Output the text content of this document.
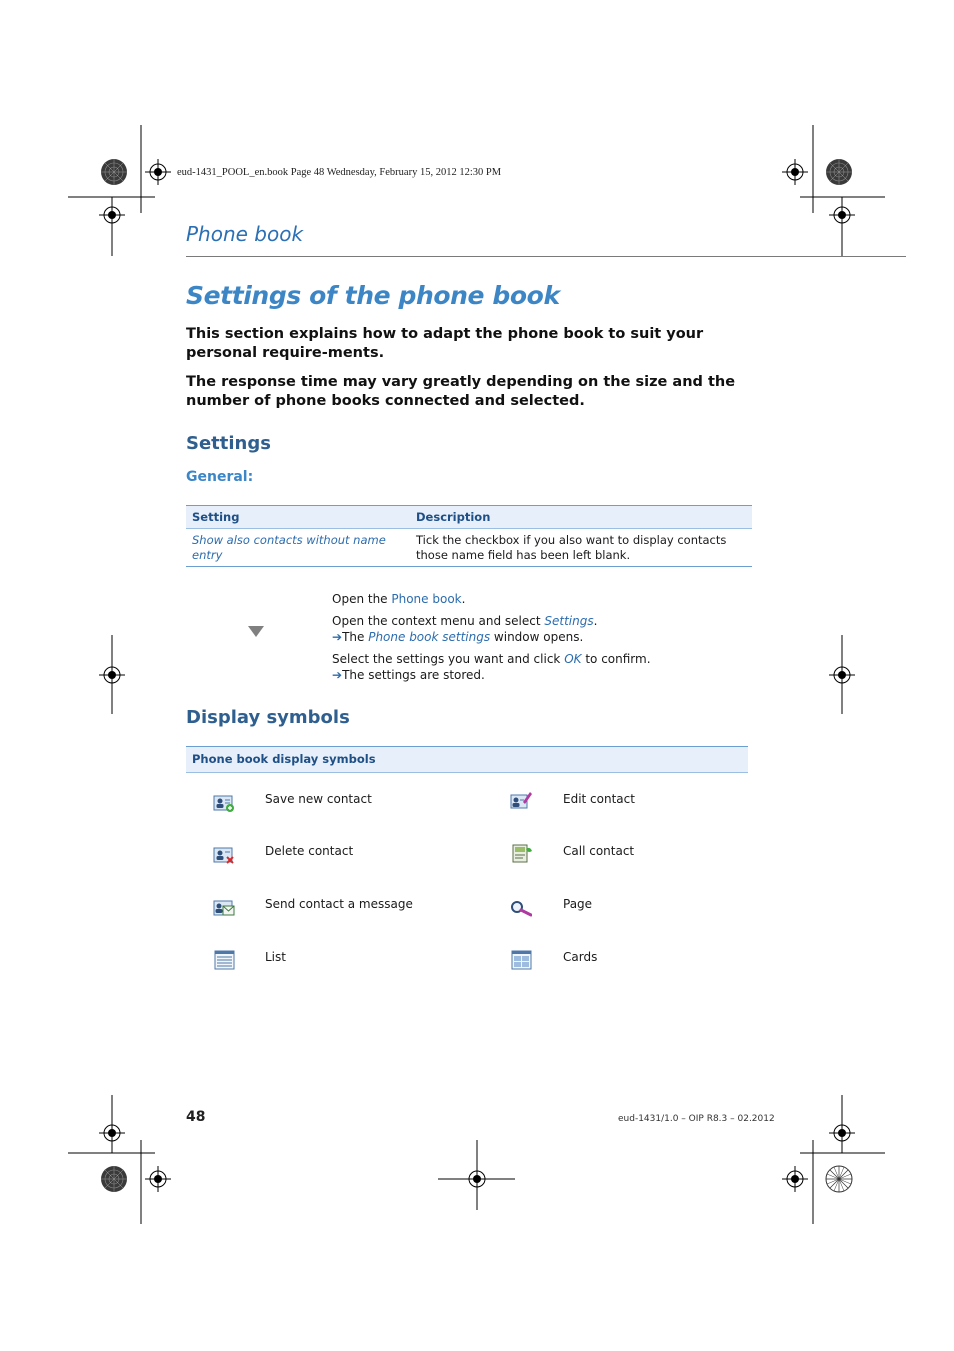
eud-1431_POOL_en.book Page 48 Wednesday, February 15, 2012 12:30 PM
Phone book
Settings of the phone book
This section explains how to adapt the phone book to suit your personal require-ments.
The response time may vary greatly depending on the size and the number of phone books connected and selected.
Settings
General:
Setting	Description
Show also contacts without name entry	Tick the checkbox if you also want to display contacts those name field has been left blank.
Open the Phone book.
Open the context menu and select Settings.
➔The Phone book settings window opens.
Select the settings you want and click OK to confirm.
➔The settings are stored.
Display symbols
Phone book display symbols
Save new contact	Edit contact
Delete contact	Call contact
Send contact a message	Page
List	Cards
48	eud-1431/1.0 – OIP R8.3 – 02.2012
